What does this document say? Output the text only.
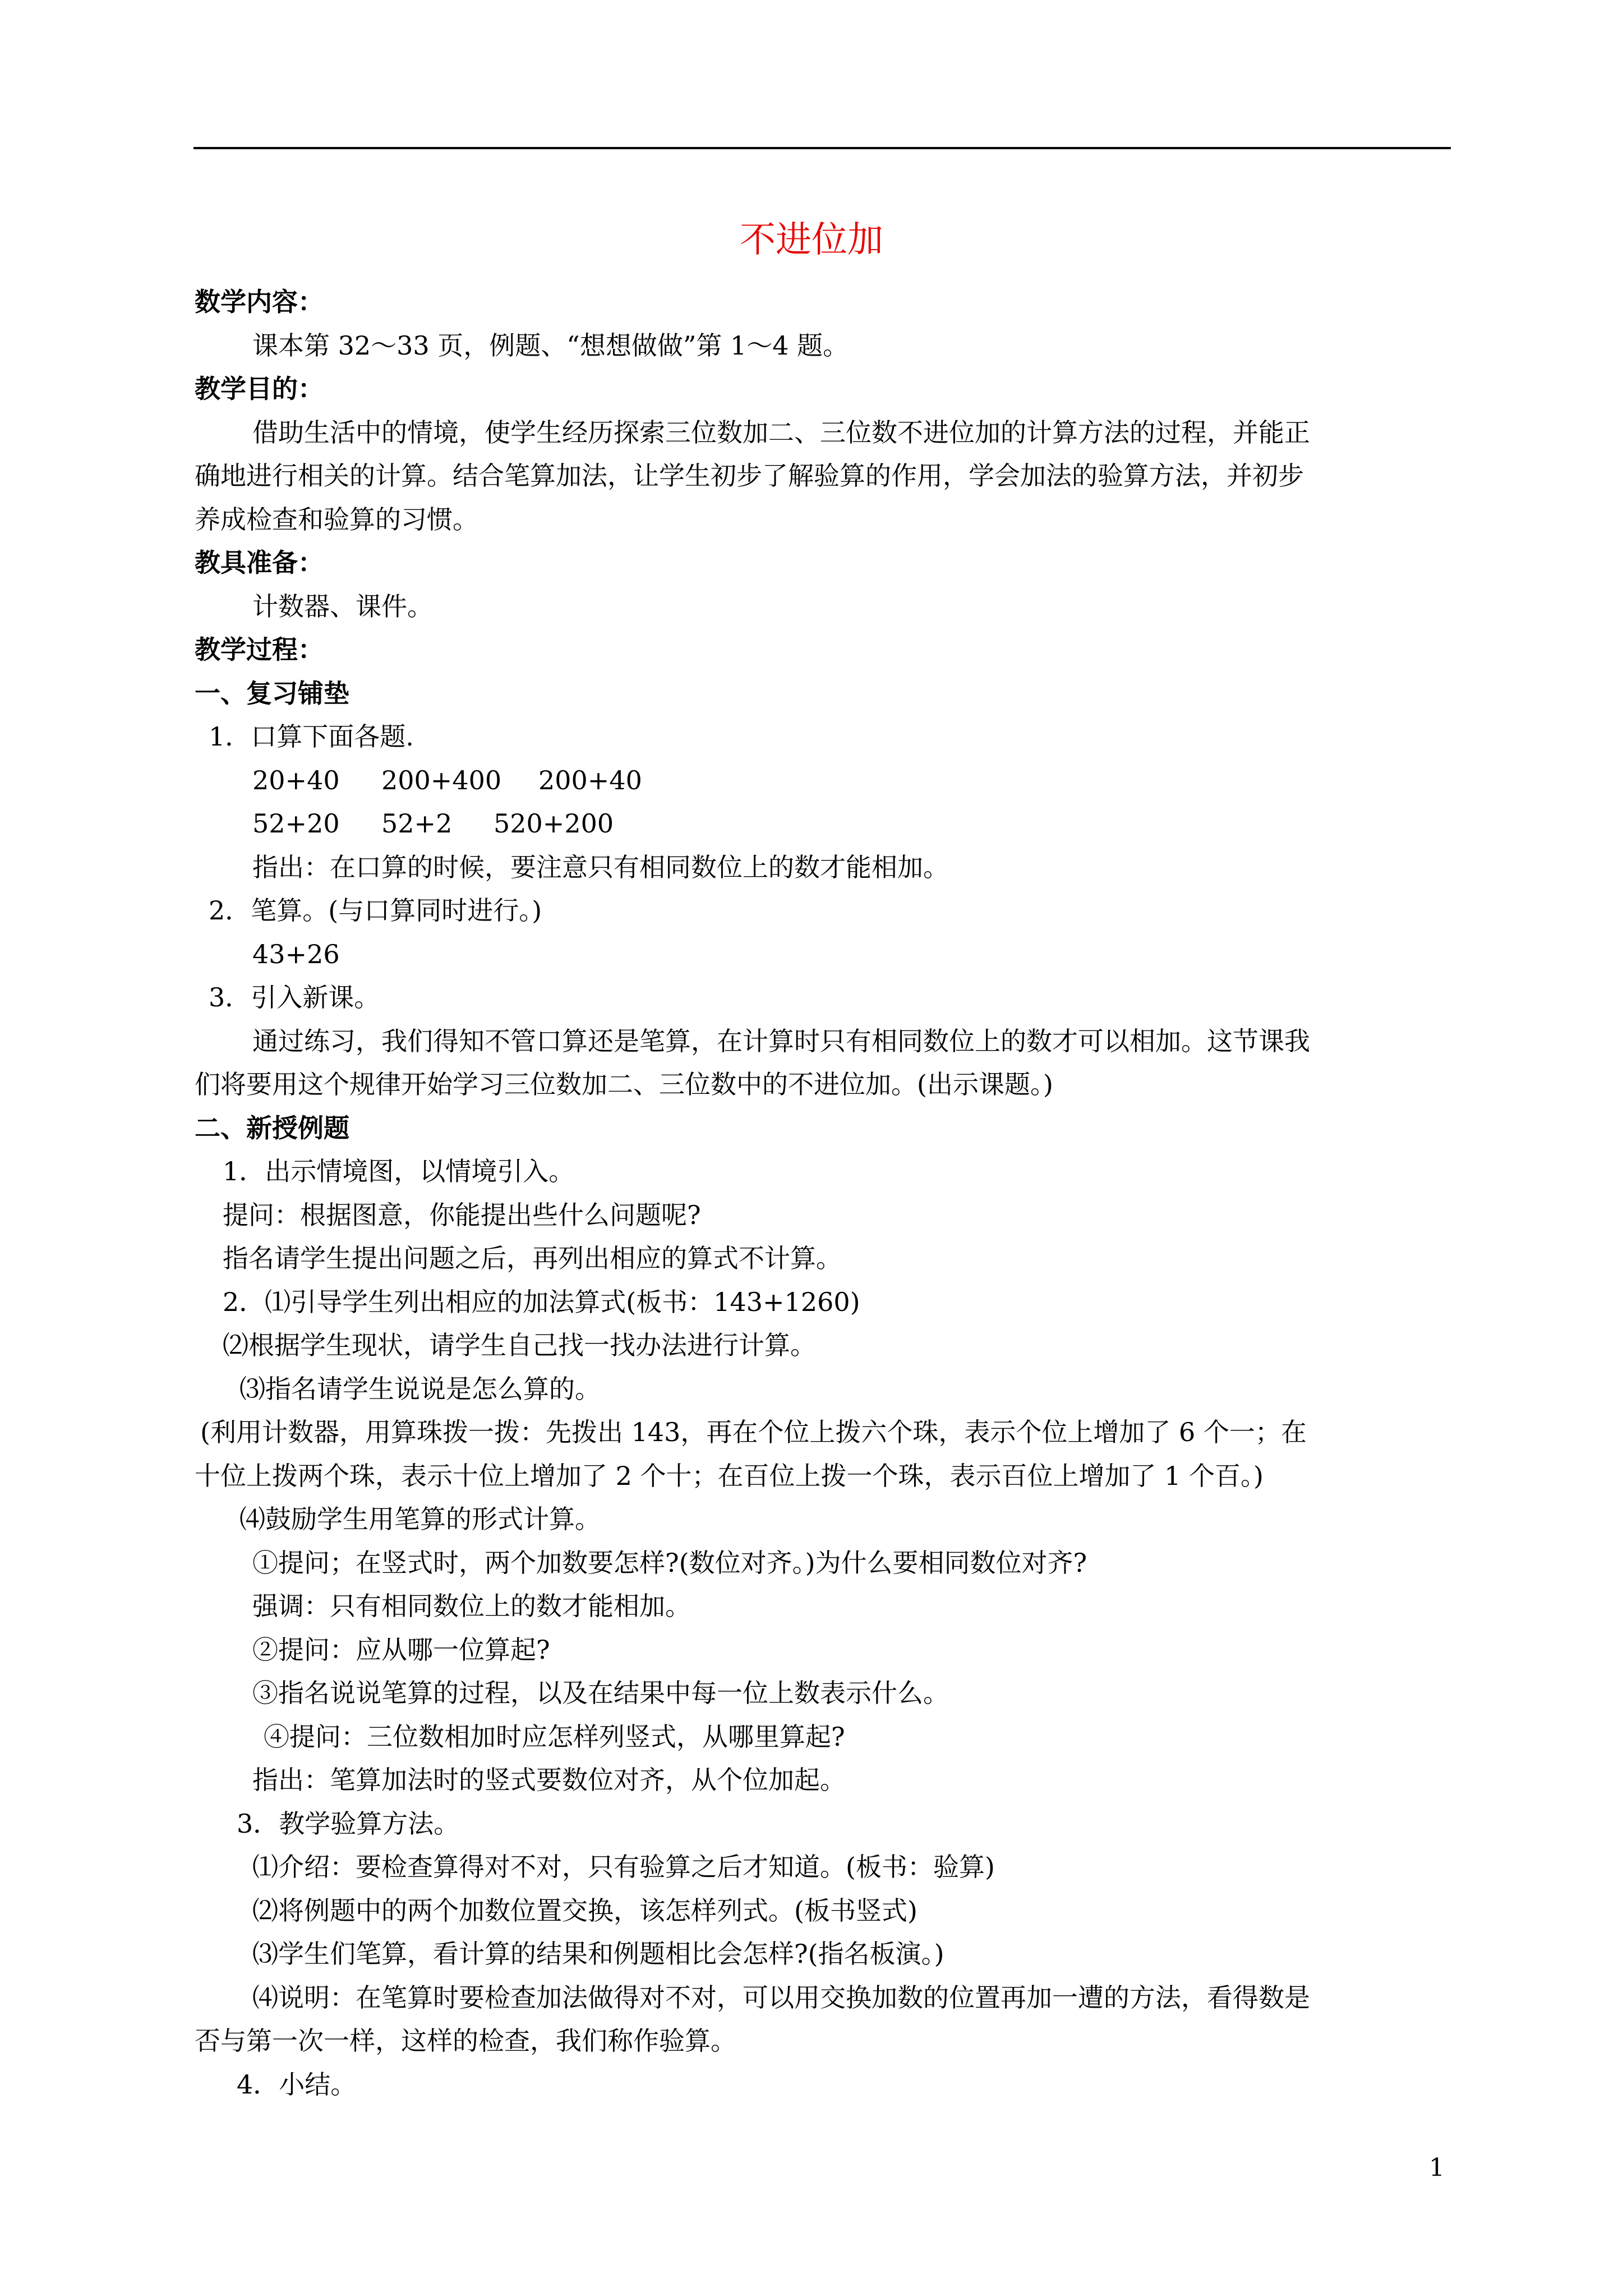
不进位加
数学内容：
课本第 32～33 页，例题、“想想做做”第 1～4 题。
教学目的：
借助生活中的情境，使学生经历探索三位数加二、三位数不进位加的计算方法的过程，并能正
确地进行相关的计算。结合笔算加法，让学生初步了解验算的作用，学会加法的验算方法，并初步
养成检查和验算的习惯。
教具准备：
计数器、课件。
教学过程：
一、复习铺垫
1．口算下面各题.
20+40	200+400	200+40
52+20	52+2	520+200
指出：在口算的时候，要注意只有相同数位上的数才能相加。
2．笔算。(与口算同时进行。)
43+26
3．引入新课。
通过练习，我们得知不管口算还是笔算，在计算时只有相同数位上的数才可以相加。这节课我
们将要用这个规律开始学习三位数加二、三位数中的不进位加。(出示课题。)
二、新授例题
1．出示情境图，以情境引入。
提问：根据图意，你能提出些什么问题呢?
指名请学生提出问题之后，再列出相应的算式不计算。
2．⑴引导学生列出相应的加法算式(板书：143+1260)
⑵根据学生现状，请学生自己找一找办法进行计算。
⑶指名请学生说说是怎么算的。
(利用计数器，用算珠拨一拨：先拨出 143，再在个位上拨六个珠，表示个位上增加了 6 个一；在
十位上拨两个珠，表示十位上增加了 2 个十；在百位上拨一个珠，表示百位上增加了 1 个百。)
⑷鼓励学生用笔算的形式计算。
①提问；在竖式时，两个加数要怎样?(数位对齐。)为什么要相同数位对齐?
强调：只有相同数位上的数才能相加。
②提问：应从哪一位算起?
③指名说说笔算的过程，以及在结果中每一位上数表示什么。
④提问：三位数相加时应怎样列竖式，从哪里算起?
指出：笔算加法时的竖式要数位对齐，从个位加起。
3．教学验算方法。
⑴介绍：要检查算得对不对，只有验算之后才知道。(板书：验算)
⑵将例题中的两个加数位置交换，该怎样列式。(板书竖式)
⑶学生们笔算，看计算的结果和例题相比会怎样?(指名板演。)
⑷说明：在笔算时要检查加法做得对不对，可以用交换加数的位置再加一遭的方法，看得数是
否与第一次一样，这样的检查，我们称作验算。
4．小结。
1
